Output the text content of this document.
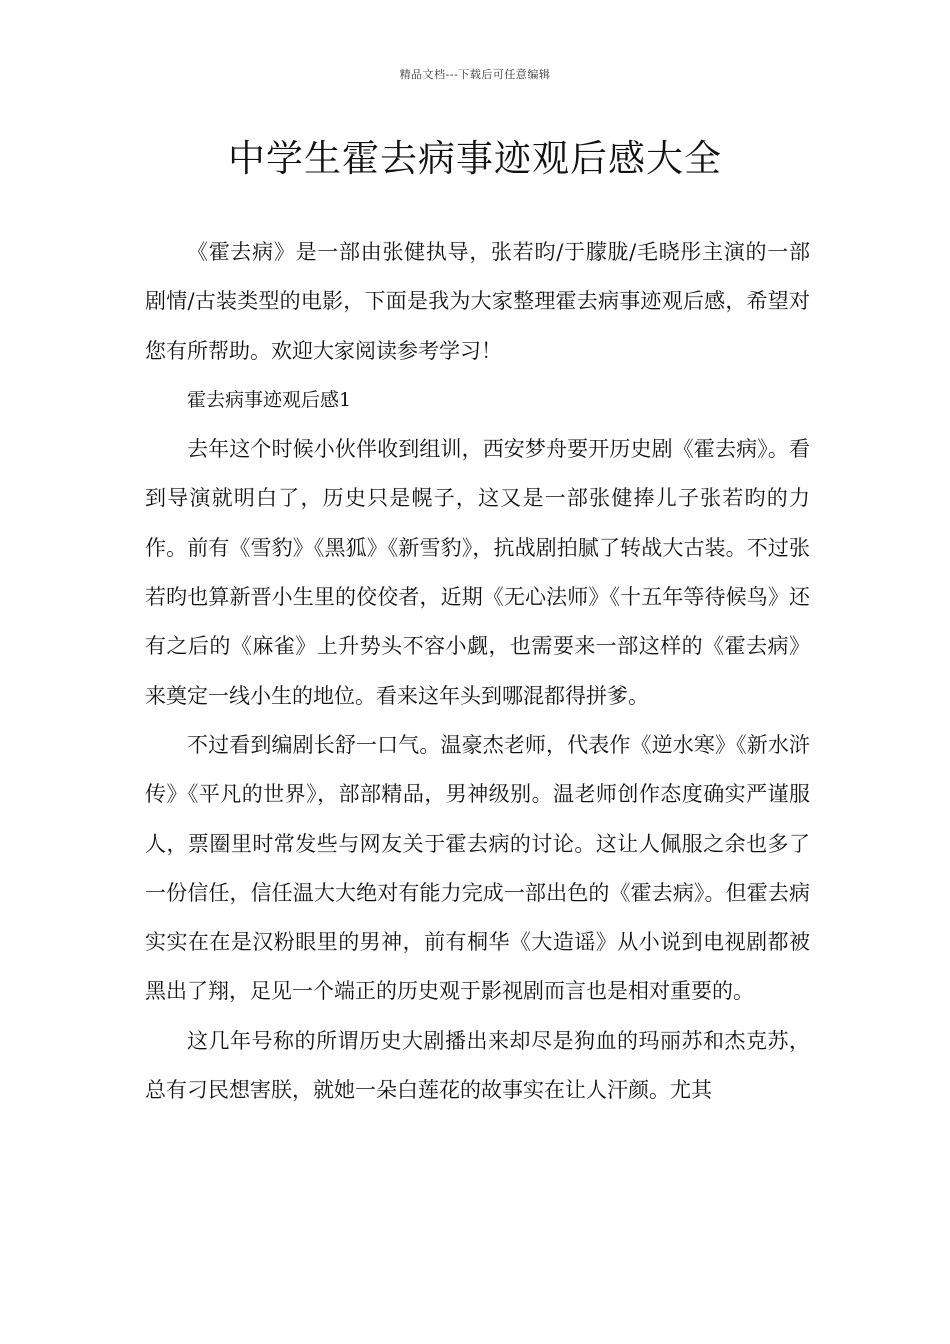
精品文档---下载后可任意编辑
中学生霍去病事迹观后感大全

《霍去病》是一部由张健执导，张若昀/于朦胧/毛晓彤主演的一部剧情/古装类型的电影，下面是我为大家整理霍去病事迹观后感，希望对您有所帮助。欢迎大家阅读参考学习！

霍去病事迹观后感1

去年这个时候小伙伴收到组训，西安梦舟要开历史剧《霍去病》。看到导演就明白了，历史只是幌子，这又是一部张健捧儿子张若昀的力作。前有《雪豹》《黑狐》《新雪豹》，抗战剧拍腻了转战大古装。不过张若昀也算新晋小生里的佼佼者，近期《无心法师》《十五年等待候鸟》还有之后的《麻雀》上升势头不容小觑，也需要来一部这样的《霍去病》来奠定一线小生的地位。看来这年头到哪混都得拼爹。

不过看到编剧长舒一口气。温豪杰老师，代表作《逆水寒》《新水浒传》《平凡的世界》，部部精品，男神级别。温老师创作态度确实严谨服人，票圈里时常发些与网友关于霍去病的讨论。这让人佩服之余也多了一份信任，信任温大大绝对有能力完成一部出色的《霍去病》。但霍去病实实在在是汉粉眼里的男神，前有桐华《大造谣》从小说到电视剧都被黑出了翔，足见一个端正的历史观于影视剧而言也是相对重要的。

这几年号称的所谓历史大剧播出来却尽是狗血的玛丽苏和杰克苏，总有刁民想害朕，就她一朵白莲花的故事实在让人汗颜。尤其
